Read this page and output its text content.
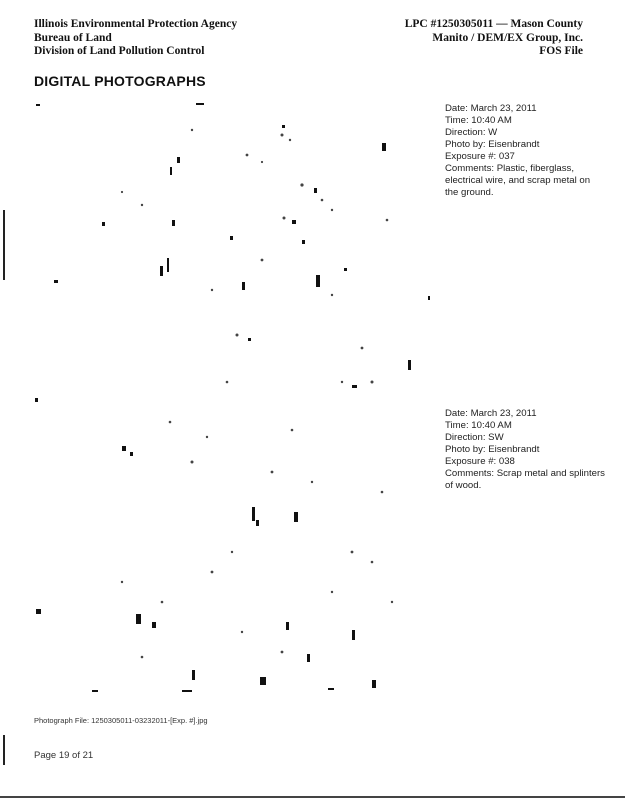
Illinois Environmental Protection Agency
Bureau of Land
Division of Land Pollution Control
LPC #1250305011 — Mason County
Manito / DEM/EX Group, Inc.
FOS File
DIGITAL PHOTOGRAPHS
Date: March 23, 2011
Time: 10:40 AM
Direction: W
Photo by: Eisenbrandt
Exposure #: 037
Comments: Plastic, fiberglass, electrical wire, and scrap metal on the ground.
Date: March 23, 2011
Time: 10:40 AM
Direction: SW
Photo by: Eisenbrandt
Exposure #: 038
Comments: Scrap metal and splinters of wood.
Photograph File: 1250305011-03232011-[Exp. #].jpg
Page 19 of 21
